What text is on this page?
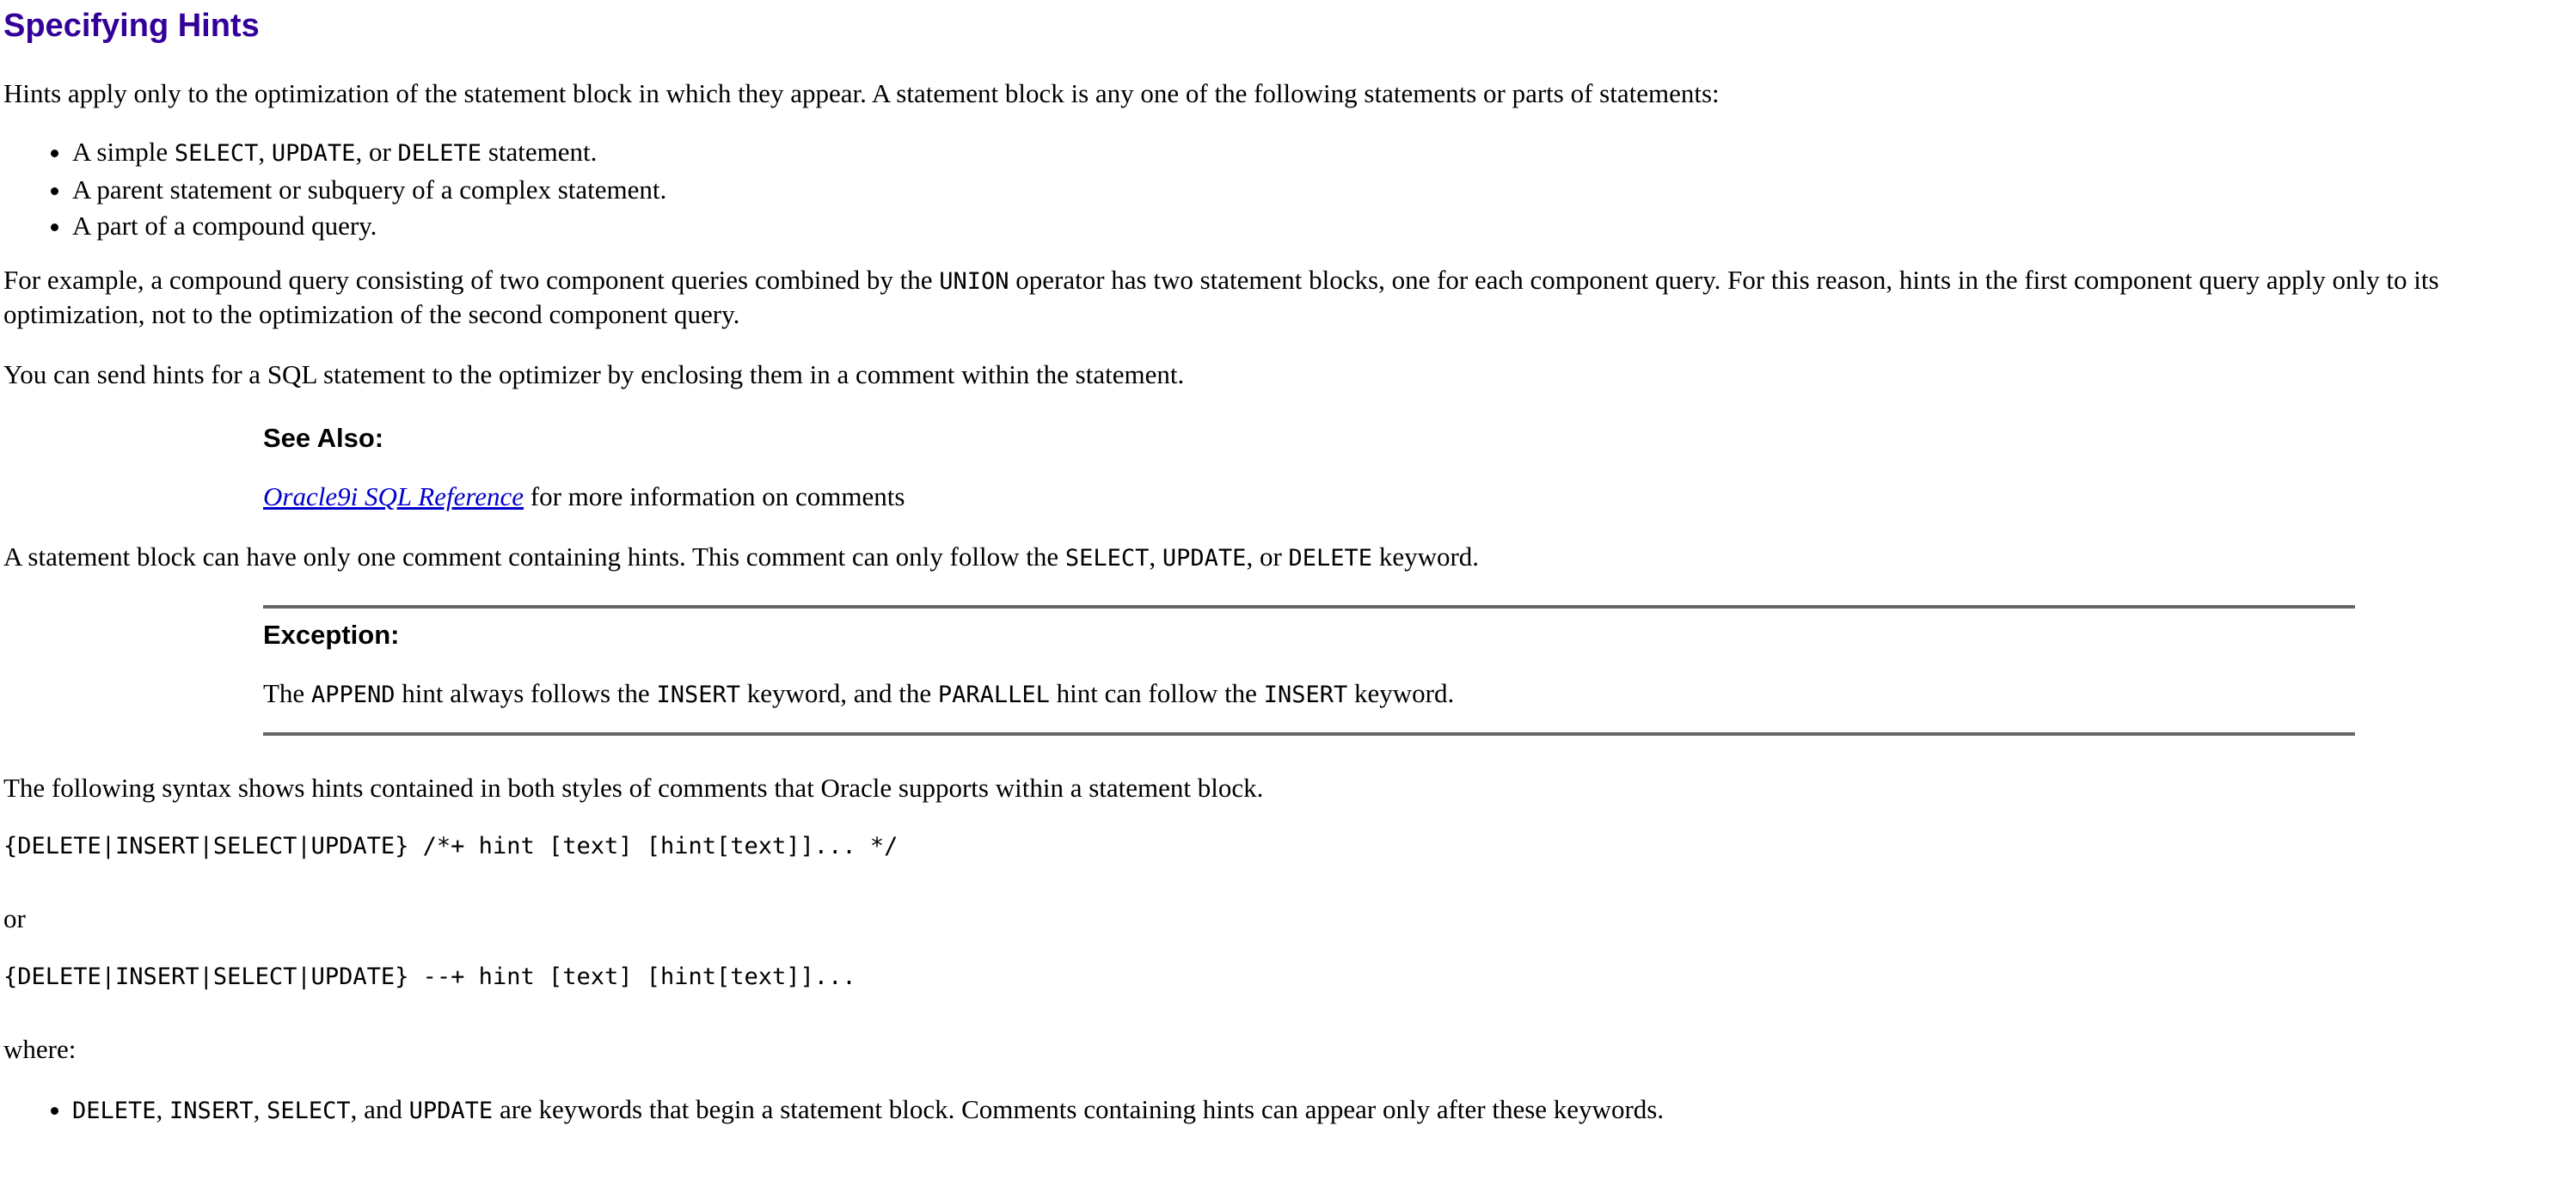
Specifying Hints

Hints apply only to the optimization of the statement block in which they appear. A statement block is any one of the following statements or parts of statements:

• A simple SELECT, UPDATE, or DELETE statement.
• A parent statement or subquery of a complex statement.
• A part of a compound query.

For example, a compound query consisting of two component queries combined by the UNION operator has two statement blocks, one for each component query. For this reason, hints in the first component query apply only to its optimization, not to the optimization of the second component query.

You can send hints for a SQL statement to the optimizer by enclosing them in a comment within the statement.

See Also:

Oracle9i SQL Reference for more information on comments

A statement block can have only one comment containing hints. This comment can only follow the SELECT, UPDATE, or DELETE keyword.

Exception:

The APPEND hint always follows the INSERT keyword, and the PARALLEL hint can follow the INSERT keyword.

The following syntax shows hints contained in both styles of comments that Oracle supports within a statement block.

{DELETE|INSERT|SELECT|UPDATE} /*+ hint [text] [hint[text]]... */

or

{DELETE|INSERT|SELECT|UPDATE} --+ hint [text] [hint[text]]...

where:

• DELETE, INSERT, SELECT, and UPDATE are keywords that begin a statement block. Comments containing hints can appear only after these keywords.
